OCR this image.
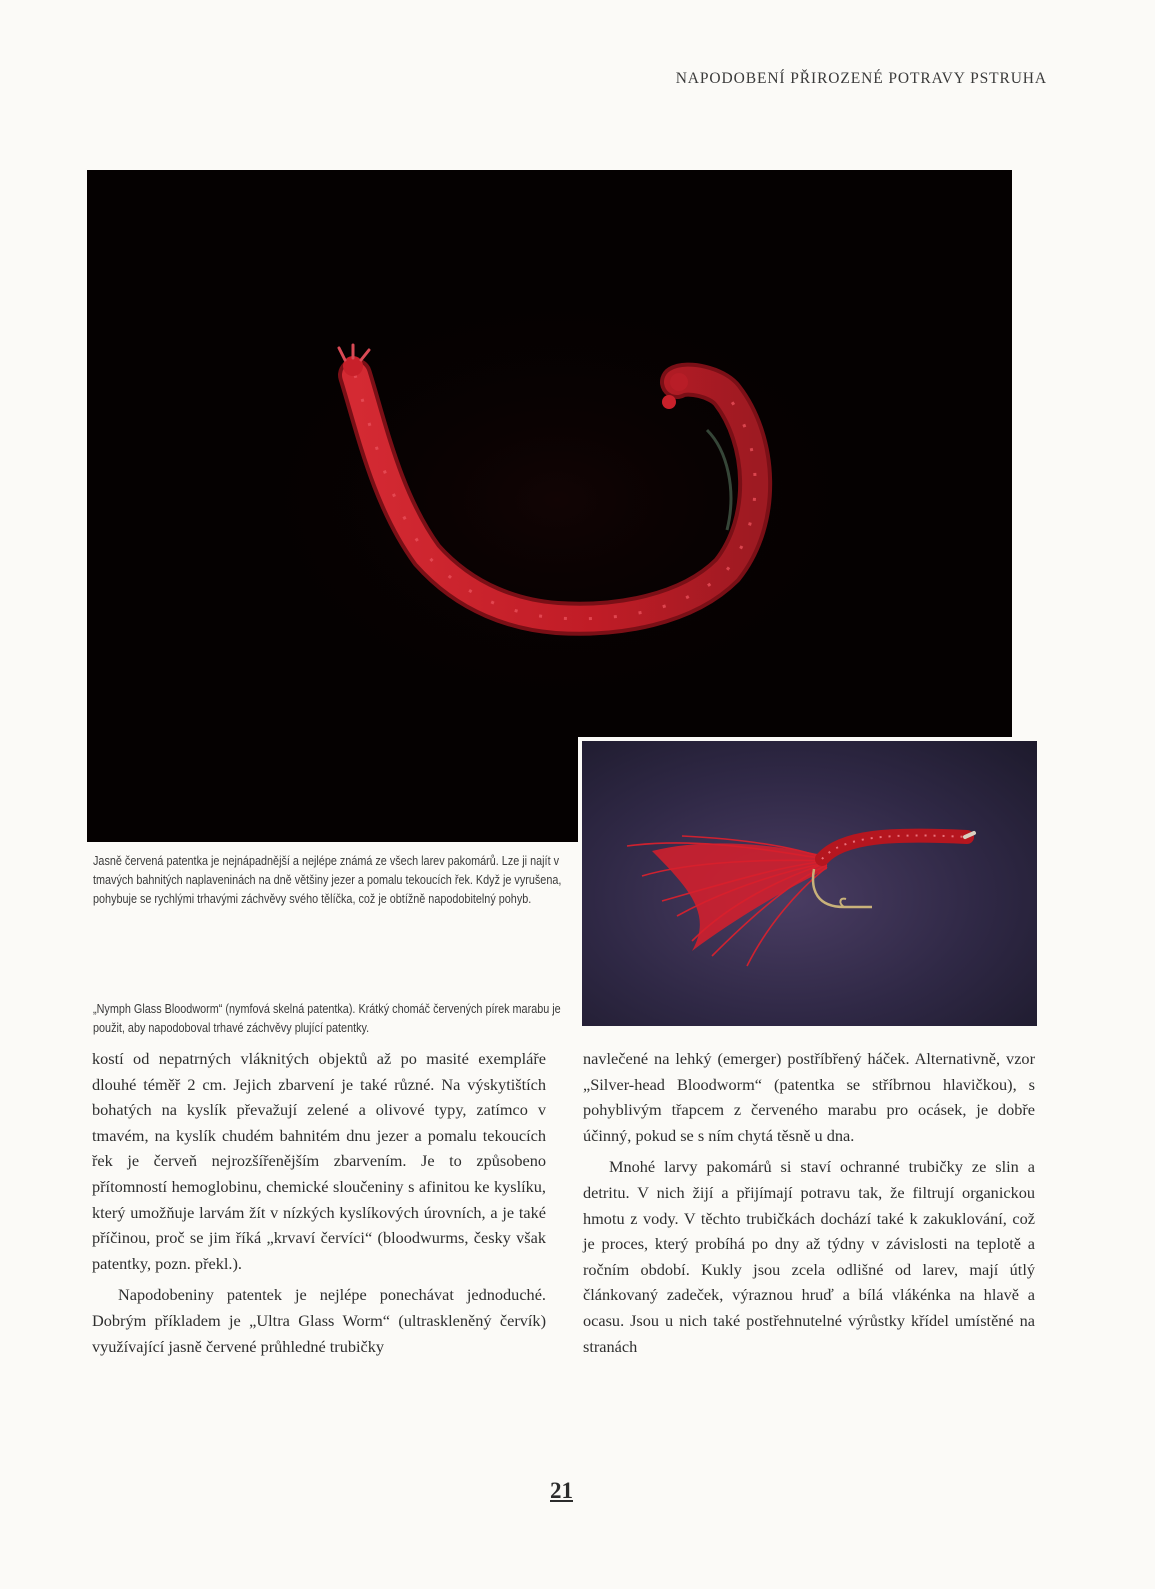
NAPODOBENÍ PŘIROZENÉ POTRAVY PSTRUHA
Jasně červená patentka je nejnápadnější a nejlépe známá ze všech larev pakomárů. Lze ji najít v tmavých bahnitých naplaveninách na dně většiny jezer a pomalu tekoucích řek. Když je vyrušena, pohybuje se rychlými trhavými záchvěvy svého tělíčka, což je obtížně napodobitelný pohyb.
„Nymph Glass Bloodworm“ (nymfová skelná patentka). Krátký chomáč červených pírek marabu je použit, aby napodoboval trhavé záchvěvy plující patentky.

kostí od nepatrných vláknitých objektů až po masité exempláře dlouhé téměř 2 cm. Jejich zbarvení je také různé. Na výskytištích bohatých na kyslík převažují zelené a olivové typy, zatímco v tmavém, na kyslík chudém bahnitém dnu jezer a pomalu tekoucích řek je červeň nejrozšířenějším zbarvením. Je to způsobeno přítomností hemoglobinu, chemické sloučeniny s afinitou ke kyslíku, který umožňuje larvám žít v nízkých kyslíkových úrovních, a je také příčinou, proč se jim říká „krvaví červíci“ (bloodwurms, česky však patentky, pozn. překl.).

Napodobeniny patentek je nejlépe ponechávat jednoduché. Dobrým příkladem je „Ultra Glass Worm“ (ultraskleněný červík) využívající jasně červené průhledné trubičky

navlečené na lehký (emerger) postříbřený háček. Alternativně, vzor „Silver-head Bloodworm“ (patentka se stříbrnou hlavičkou), s pohyblivým třapcem z červeného marabu pro ocásek, je dobře účinný, pokud se s ním chytá těsně u dna.

Mnohé larvy pakomárů si staví ochranné trubičky ze slin a detritu. V nich žijí a přijímají potravu tak, že filtrují organickou hmotu z vody. V těchto trubičkách dochází také k zakuklování, což je proces, který probíhá po dny až týdny v závislosti na teplotě a ročním období. Kukly jsou zcela odlišné od larev, mají útlý článkovaný zadeček, výraznou hruď a bílá vlákénka na hlavě a ocasu. Jsou u nich také postřehnutelné výrůstky křídel umístěné na stranách

21
